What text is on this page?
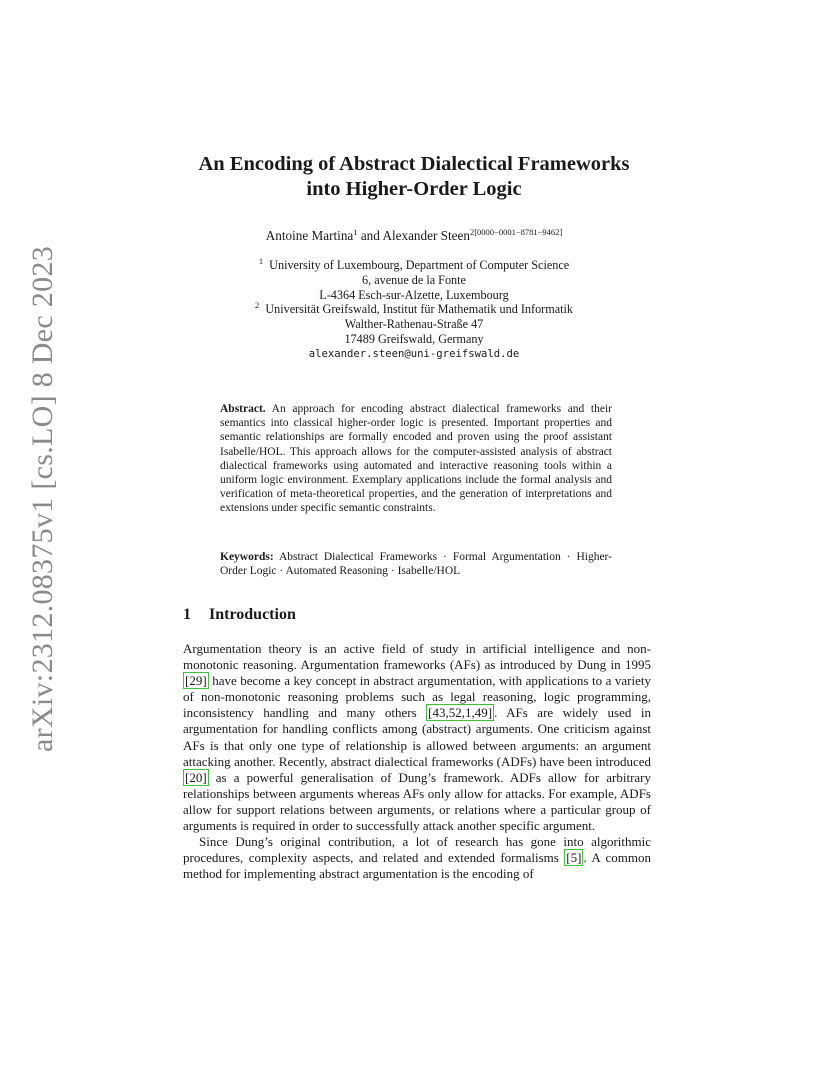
arXiv:2312.08375v1 [cs.LO] 8 Dec 2023
An Encoding of Abstract Dialectical Frameworks
into Higher-Order Logic
Antoine Martina$^1$ and Alexander Steen$^{2[0000-0001-8781-9462]}$
$^1$ University of Luxembourg, Department of Computer Science
6, avenue de la Fonte
L-4364 Esch-sur-Alzette, Luxembourg
$^2$ Universität Greifswald, Institut für Mathematik und Informatik
Walther-Rathenau-Straße 47
17489 Greifswald, Germany
alexander.steen@uni-greifswald.de
Abstract. An approach for encoding abstract dialectical frameworks and their semantics into classical higher-order logic is presented. Important properties and semantic relationships are formally encoded and proven using the proof assistant Isabelle/HOL. This approach allows for the computer-assisted analysis of abstract dialectical frameworks using automated and interactive reasoning tools within a uniform logic environment. Exemplary applications include the formal analysis and verification of meta-theoretical properties, and the generation of interpretations and extensions under specific semantic constraints.
Keywords: Abstract Dialectical Frameworks · Formal Argumentation · Higher-Order Logic · Automated Reasoning · Isabelle/HOL
1 Introduction

Argumentation theory is an active field of study in artificial intelligence and non-monotonic reasoning. Argumentation frameworks (AFs) as introduced by Dung in 1995 [29] have become a key concept in abstract argumentation, with applications to a variety of non-monotonic reasoning problems such as legal reasoning, logic programming, inconsistency handling and many others [43,52,1,49] . AFs are widely used in argumentation for handling conflicts among (abstract) arguments. One criticism against AFs is that only one type of relationship is allowed between arguments: an argument attacking another. Recently, abstract dialectical frameworks (ADFs) have been introduced [20] as a powerful generalisation of Dung’s framework. ADFs allow for arbitrary relationships between arguments whereas AFs only allow for attacks. For example, ADFs allow for support relations between arguments, or relations where a particular group of arguments is required in order to successfully attack another specific argument.

Since Dung’s original contribution, a lot of research has gone into algorithmic procedures, complexity aspects, and related and extended formalisms [5] . A common method for implementing abstract argumentation is the encoding of
